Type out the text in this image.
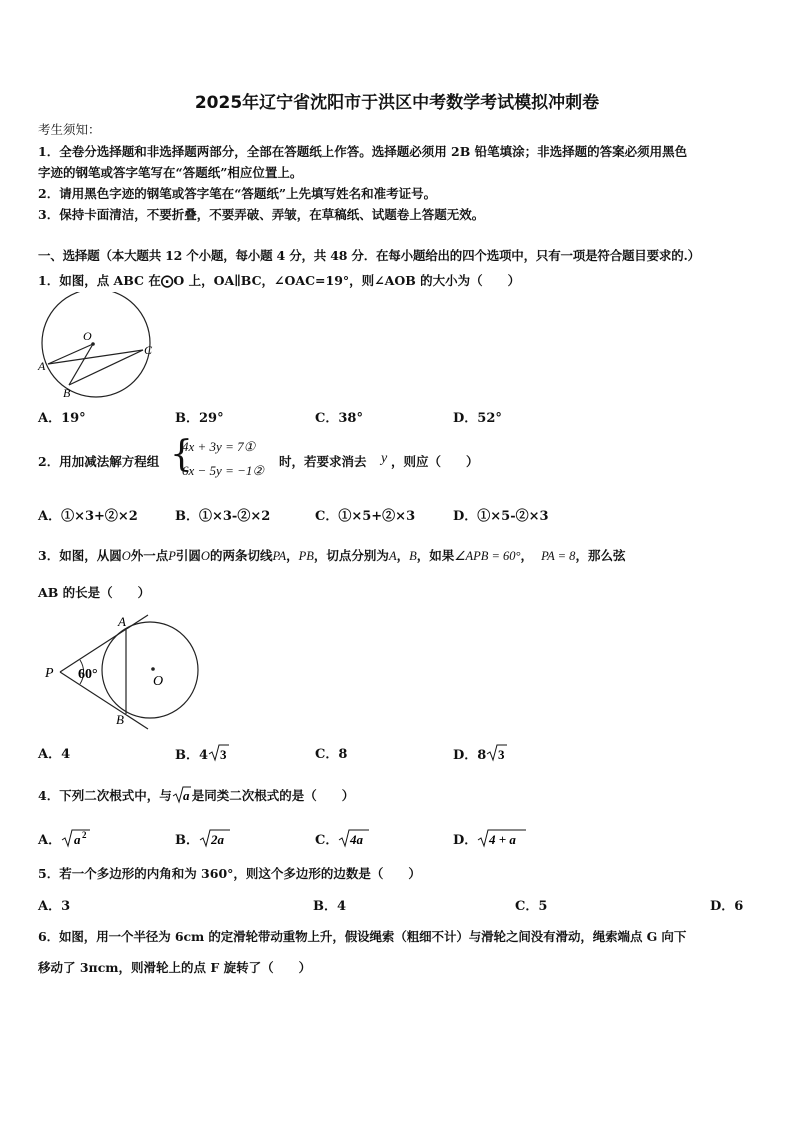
2025年辽宁省沈阳市于洪区中考数学考试模拟冲刺卷
考生须知：
1．全卷分选择题和非选择题两部分，全部在答题纸上作答。选择题必须用 2B 铅笔填涂；非选择题的答案必须用黑色
字迹的钢笔或答字笔写在“答题纸”相应位置上。
2．请用黑色字迹的钢笔或答字笔在“答题纸”上先填写姓名和准考证号。
3．保持卡面清洁，不要折叠，不要弄破、弄皱，在草稿纸、试题卷上答题无效。
一、选择题（本大题共 12 个小题，每小题 4 分，共 48 分．在每小题给出的四个选项中，只有一项是符合题目要求的.）
1．如图，点 ABC 在⨀O 上，OA∥BC，∠OAC=19°，则∠AOB 的大小为（　　）
O
A
B
C
A．19°	B．29°	C．38°	D．52°
2．用加减法解方程组 {
4x + 3y = 7①
6x − 5y = −1②
时，若要求消去 y ，则应（　　）
A．①×3+②×2	B．①×3-②×2	C．①×5+②×3	D．①×5-②×3
3．如图，从圆O外一点P引圆O的两条切线PA，PB，切点分别为A，B，如果∠APB = 60°， PA = 8，那么弦
AB 的长是（　　）
P
A
B
O
60°
A．4	B．4 3	C．8	D．8 3
4．下列二次根式中，与 a 是同类二次根式的是（　　）
A． a 2	B． 2a	C． 4a	D． 4 + a
5．若一个多边形的内角和为 360°，则这个多边形的边数是（　　）
A．3	B．4	C．5	D．6
6．如图，用一个半径为 6cm 的定滑轮带动重物上升，假设绳索（粗细不计）与滑轮之间没有滑动，绳索端点 G 向下
移动了 3πcm，则滑轮上的点 F 旋转了（　　）
